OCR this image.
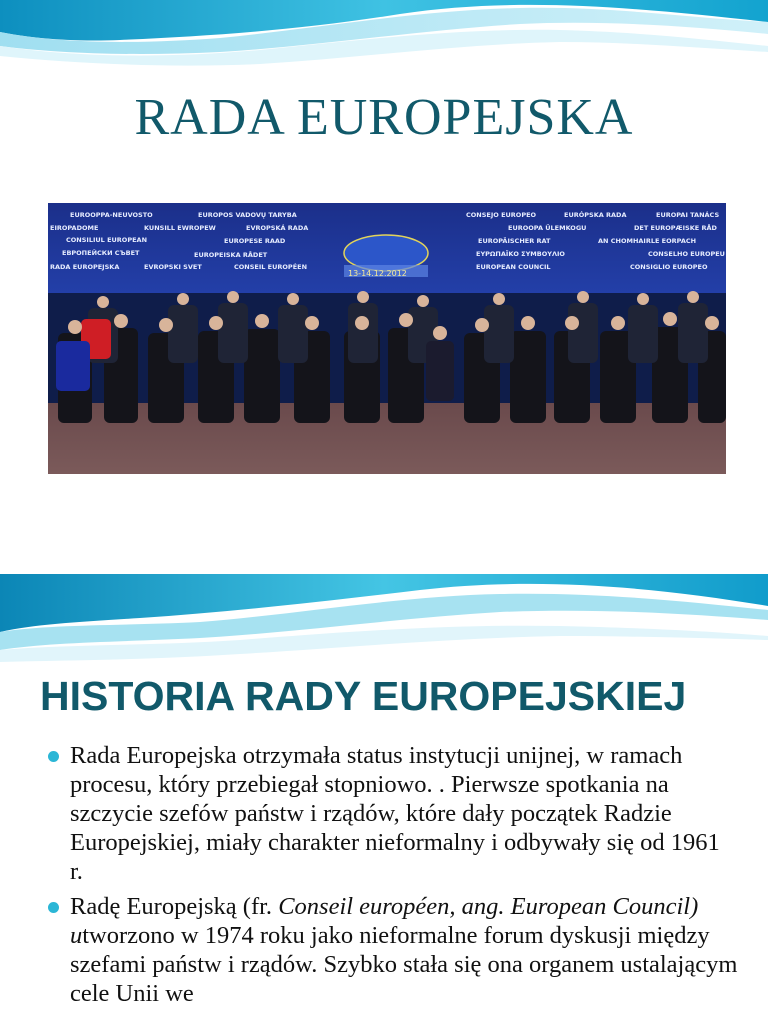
RADA EUROPEJSKA
EUROOPPA-NEUVOSTO	EUROPOS VADOVŲ TARYBA
EIROPADOME	KUNSILL EWROPEW	EVROPSKÁ RADA
CONSILIUL EUROPEAN	EUROPESE RAAD
ЕВРОПЕЙСКИ СЪВЕТ	EUROPEISKA RÅDET
RADA EUROPEJSKA	EVROPSKI SVET	CONSEIL EUROPÉEN
CONSEJO EUROPEO	EURÓPSKA RADA	EUROPAI TANÁCS
EUROOPA ÜLEMKOGU	DET EUROPÆISKE RÅD
EUROPÄISCHER RAT	AN CHOMHAIRLE EORPACH
ΕΥΡΩΠΑΪΚΟ ΣΥΜΒΟΥΛΙΟ	CONSELHO EUROPEU
EUROPEAN COUNCIL	CONSIGLIO EUROPEO
13-14.12.2012
HISTORIA RADY EUROPEJSKIEJ
Rada Europejska otrzymała status instytucji unijnej, w ramach procesu, który przebiegał stopniowo. . Pierwsze spotkania na szczycie szefów państw i rządów, które dały początek Radzie Europejskiej, miały charakter nieformalny i odbywały się od 1961 r.
Radę Europejską (fr. Conseil européen, ang. European Council) utworzono w 1974 roku jako nieformalne forum dyskusji między szefami państw i rządów. Szybko stała się ona organem ustalającym cele Unii we
